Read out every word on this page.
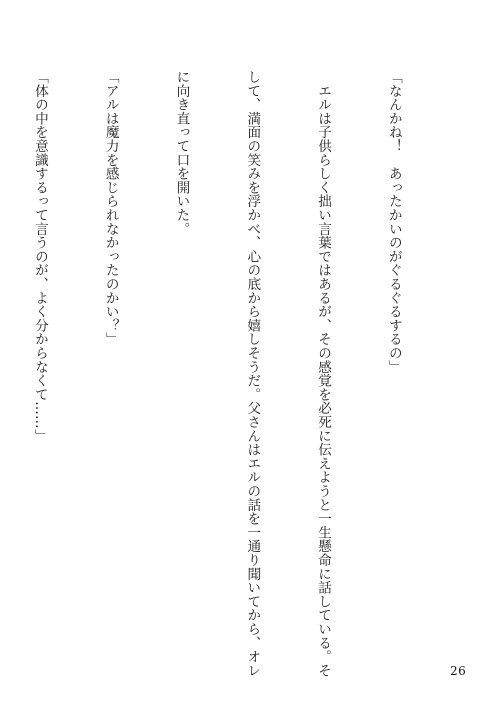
「なんかね！　あったかいのがぐるぐるするの」

　エルは子供らしく拙い言葉ではあるが、その感覚を必死に伝えようと一生懸命に話している。そ

して、満面の笑みを浮かべ、心の底から嬉しそうだ。父さんはエルの話を一通り聞いてから、オレ

に向き直って口を開いた。

「アルは魔力を感じられなかったのかい？」

「体の中を意識するって言うのが、よく分からなくて……」

26
